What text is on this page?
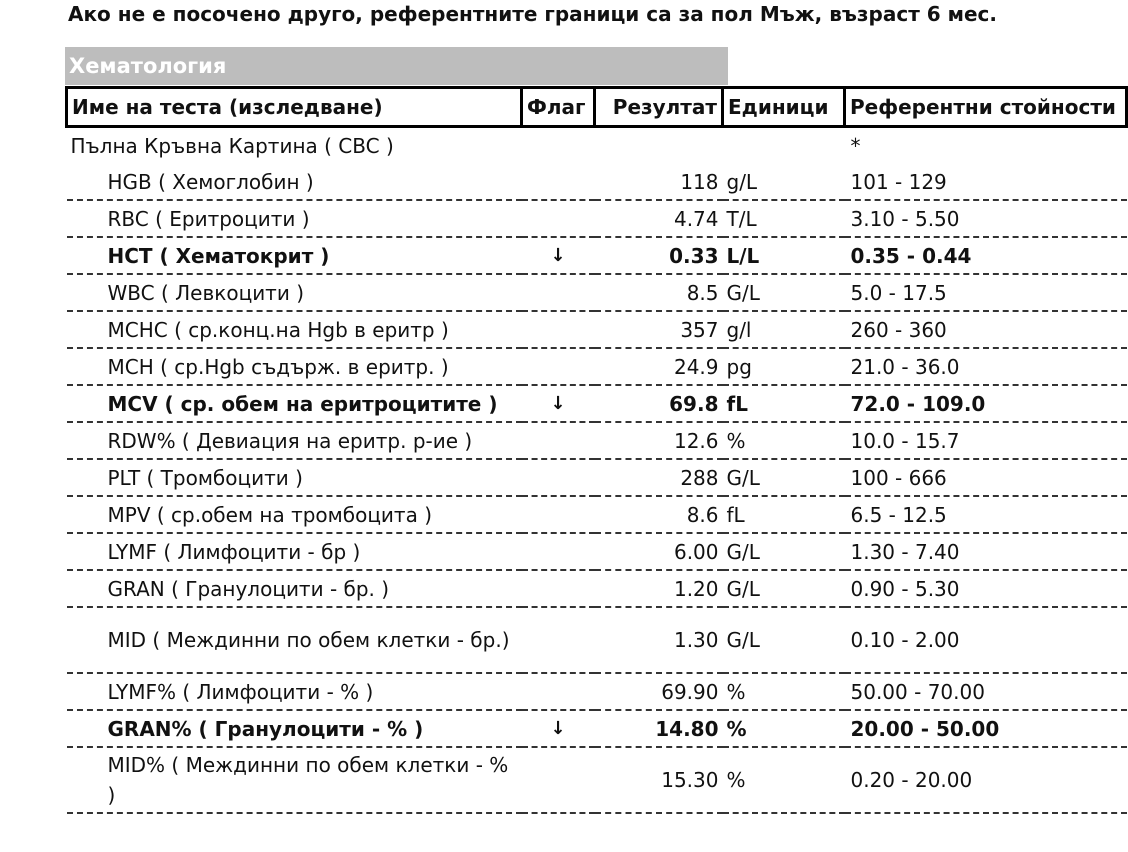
Ако не е посочено друго, референтните граници са за пол Мъж, възраст 6 мес.
Хематология
Име на теста (изследване)	Флаг	Резултат	Единици	Референтни стойности
Пълна Кръвна Картина ( CBC )				*
HGB ( Хемоглобин )		118	g/L	101 - 129
RBC ( Еритроцити )		4.74	T/L	3.10 - 5.50
HCT ( Хематокрит )	↓	0.33	L/L	0.35 - 0.44
WBC ( Левкоцити )		8.5	G/L	5.0 - 17.5
MCHC ( ср.конц.на Hgb в еритр )		357	g/l	260 - 360
MCH ( ср.Hgb съдърж. в еритр. )		24.9	pg	21.0 - 36.0
MCV ( ср. обем на еритроцитите )	↓	69.8	fL	72.0 - 109.0
RDW% ( Девиация на еритр. р-ие )		12.6	%	10.0 - 15.7
PLT ( Тромбоцити )		288	G/L	100 - 666
MPV ( ср.обем на тромбоцита )		8.6	fL	6.5 - 12.5
LYMF ( Лимфоцити - бр )		6.00	G/L	1.30 - 7.40
GRAN ( Гранулоцити - бр. )		1.20	G/L	0.90 - 5.30
MID ( Междинни по обем клетки - бр.)		1.30	G/L	0.10 - 2.00
LYMF% ( Лимфоцити - % )		69.90	%	50.00 - 70.00
GRAN% ( Гранулоцити - % )	↓	14.80	%	20.00 - 50.00
MID% ( Междинни по обем клетки - % )		15.30	%	0.20 - 20.00
